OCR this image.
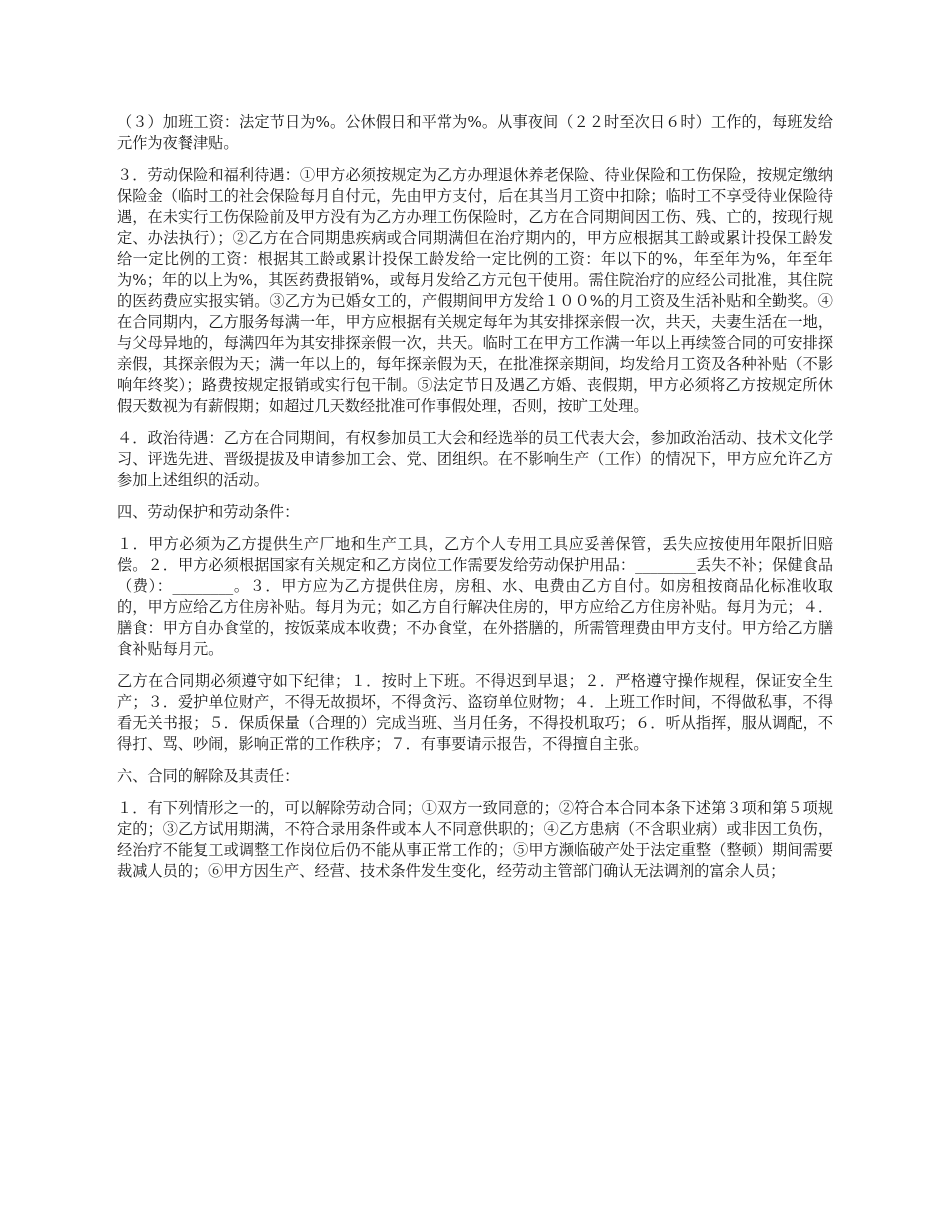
（３）加班工资：法定节日为%。公休假日和平常为%。从事夜间（２２时至次日６时）工作的，每班发给元作为夜餐津贴。

３．劳动保险和福利待遇：①甲方必须按规定为乙方办理退休养老保险、待业保险和工伤保险，按规定缴纳保险金（临时工的社会保险每月自付元，先由甲方支付，后在其当月工资中扣除；临时工不享受待业保险待遇，在未实行工伤保险前及甲方没有为乙方办理工伤保险时，乙方在合同期间因工伤、残、亡的，按现行规定、办法执行）；②乙方在合同期患疾病或合同期满但在治疗期内的，甲方应根据其工龄或累计投保工龄发给一定比例的工资：根据其工龄或累计投保工龄发给一定比例的工资：年以下的%，年至年为%，年至年为%；年的以上为%，其医药费报销%，或每月发给乙方元包干使用。需住院治疗的应经公司批准，其住院的医药费应实报实销。③乙方为已婚女工的，产假期间甲方发给１００%的月工资及生活补贴和全勤奖。④在合同期内，乙方服务每满一年，甲方应根据有关规定每年为其安排探亲假一次，共天，夫妻生活在一地，与父母异地的，每满四年为其安排探亲假一次，共天。临时工在甲方工作满一年以上再续签合同的可安排探亲假，其探亲假为天；满一年以上的，每年探亲假为天，在批准探亲期间，均发给月工资及各种补贴（不影响年终奖）；路费按规定报销或实行包干制。⑤法定节日及遇乙方婚、丧假期，甲方必须将乙方按规定所休假天数视为有薪假期；如超过几天数经批准可作事假处理，否则，按旷工处理。

４．政治待遇：乙方在合同期间，有权参加员工大会和经选举的员工代表大会，参加政治活动、技术文化学习、评选先进、晋级提拔及申请参加工会、党、团组织。在不影响生产（工作）的情况下，甲方应允许乙方参加上述组织的活动。

四、劳动保护和劳动条件：

１．甲方必须为乙方提供生产厂地和生产工具，乙方个人专用工具应妥善保管，丢失应按使用年限折旧赔偿。２．甲方必须根据国家有关规定和乙方岗位工作需要发给劳动保护用品：________丢失不补；保健食品（费）：________。３．甲方应为乙方提供住房，房租、水、电费由乙方自付。如房租按商品化标准收取的，甲方应给乙方住房补贴。每月为元；如乙方自行解决住房的，甲方应给乙方住房补贴。每月为元；４．膳食：甲方自办食堂的，按饭菜成本收费；不办食堂，在外搭膳的，所需管理费由甲方支付。甲方给乙方膳食补贴每月元。

乙方在合同期必须遵守如下纪律；１．按时上下班。不得迟到早退；２．严格遵守操作规程，保证安全生产；３．爱护单位财产，不得无故损坏，不得贪污、盗窃单位财物；４．上班工作时间，不得做私事，不得看无关书报；５．保质保量（合理的）完成当班、当月任务，不得投机取巧；６．听从指挥，服从调配，不得打、骂、吵闹，影响正常的工作秩序；７．有事要请示报告，不得擅自主张。

六、合同的解除及其责任：

１．有下列情形之一的，可以解除劳动合同；①双方一致同意的；②符合本合同本条下述第３项和第５项规定的；③乙方试用期满，不符合录用条件或本人不同意供职的；④乙方患病（不含职业病）或非因工负伤，经治疗不能复工或调整工作岗位后仍不能从事正常工作的；⑤甲方濒临破产处于法定重整（整顿）期间需要裁减人员的；⑥甲方因生产、经营、技术条件发生变化，经劳动主管部门确认无法调剂的富余人员；
